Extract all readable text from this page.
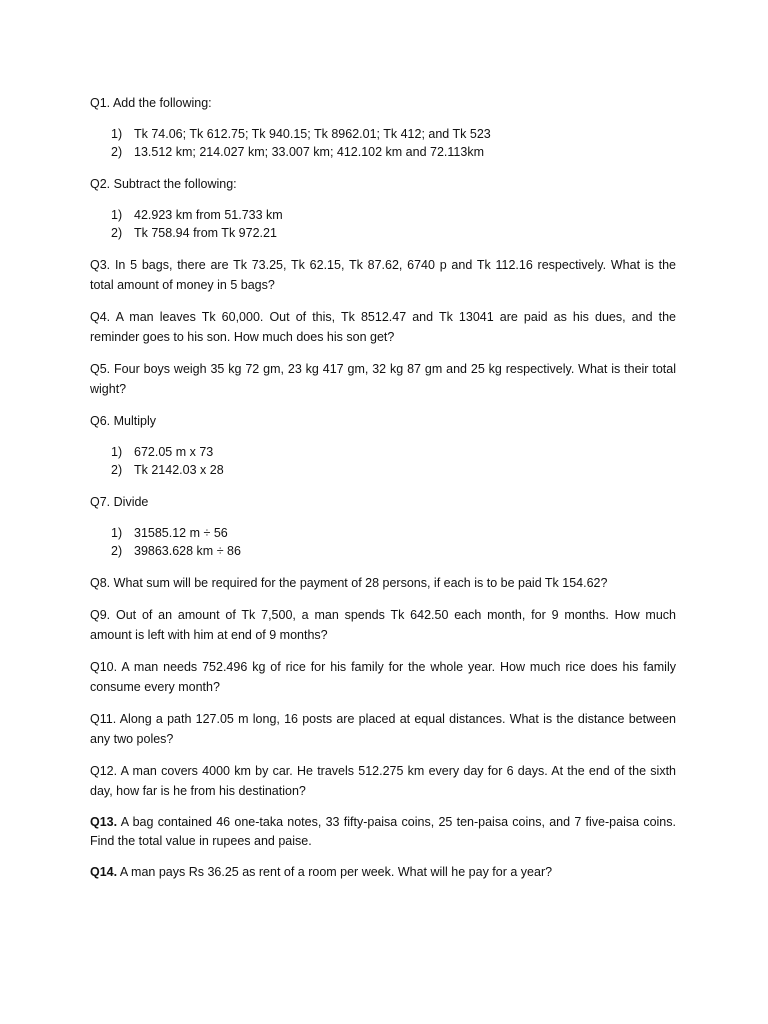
Q1. Add the following:

1) Tk 74.06; Tk 612.75; Tk 940.15; Tk 8962.01; Tk 412; and Tk 523
2) 13.512 km; 214.027 km; 33.007 km; 412.102 km and 72.113km

Q2. Subtract the following:

1) 42.923 km from 51.733 km
2) Tk 758.94 from Tk 972.21

Q3. In 5 bags, there are Tk 73.25, Tk 62.15, Tk 87.62, 6740 p and Tk 112.16 respectively. What is the total amount of money in 5 bags?

Q4. A man leaves Tk 60,000. Out of this, Tk 8512.47 and Tk 13041 are paid as his dues, and the reminder goes to his son. How much does his son get?

Q5. Four boys weigh 35 kg 72 gm, 23 kg 417 gm, 32 kg 87 gm and 25 kg respectively. What is their total wight?

Q6. Multiply

1) 672.05 m x 73
2) Tk 2142.03 x 28

Q7. Divide

1) 31585.12 m ÷ 56
2) 39863.628 km ÷ 86

Q8. What sum will be required for the payment of 28 persons, if each is to be paid Tk 154.62?

Q9. Out of an amount of Tk 7,500, a man spends Tk 642.50 each month, for 9 months. How much amount is left with him at end of 9 months?

Q10. A man needs 752.496 kg of rice for his family for the whole year. How much rice does his family consume every month?

Q11. Along a path 127.05 m long, 16 posts are placed at equal distances. What is the distance between any two poles?

Q12. A man covers 4000 km by car. He travels 512.275 km every day for 6 days. At the end of the sixth day, how far is he from his destination?

Q13. A bag contained 46 one-taka notes, 33 fifty-paisa coins, 25 ten-paisa coins, and 7 five-paisa coins. Find the total value in rupees and paise.

Q14. A man pays Rs 36.25 as rent of a room per week. What will he pay for a year?
